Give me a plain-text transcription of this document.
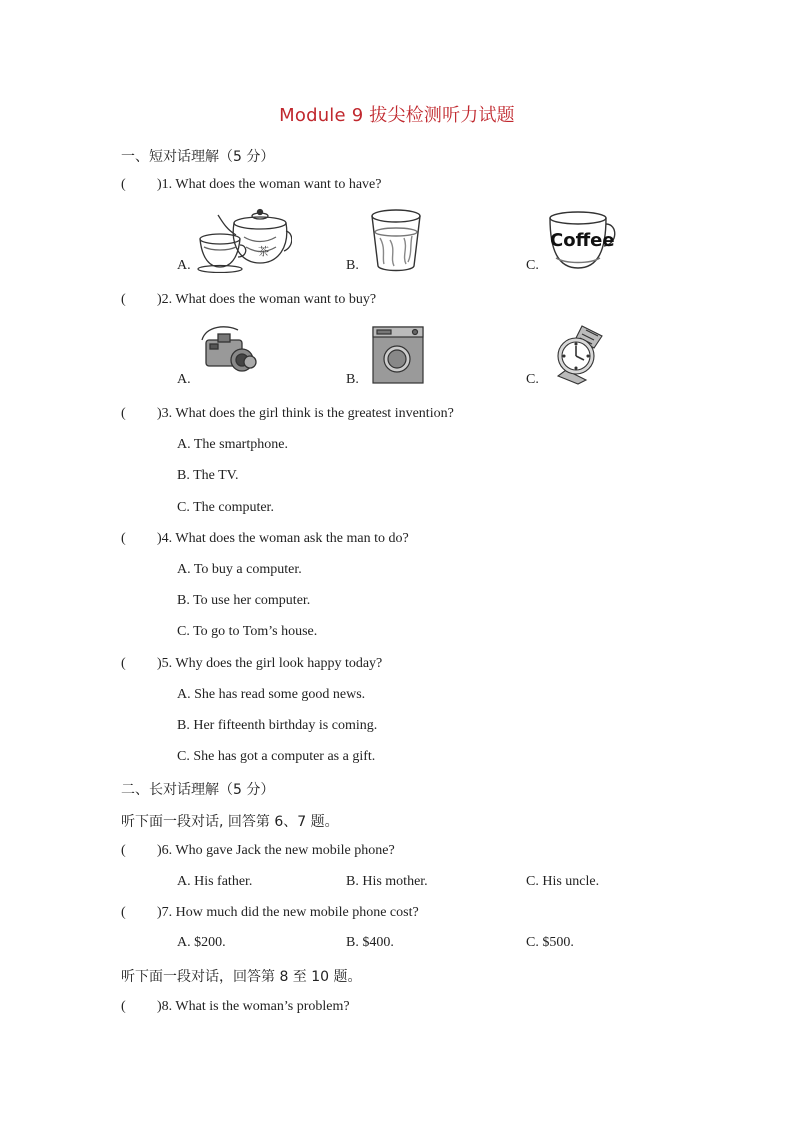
Module 9 拔尖检测听力试题
一、短对话理解（5 分）
( )1. What does the woman want to have?
A.	B.	C.
茶
Coffee
( )2. What does the woman want to buy?
A.	B.	C.
( )3. What does the girl think is the greatest invention?
A. The smartphone.
B. The TV.
C. The computer.
( )4. What does the woman ask the man to do?
A. To buy a computer.
B. To use her computer.
C. To go to Tom’s house.
( )5. Why does the girl look happy today?
A. She has read some good news.
B. Her fifteenth birthday is coming.
C. She has got a computer as a gift.
二、长对话理解（5 分）
听下面一段对话, 回答第 6、7 题。
( )6. Who gave Jack the new mobile phone?
A. His father.	B. His mother.	C. His uncle.
( )7. How much did the new mobile phone cost?
A. $200.	B. $400.	C. $500.
听下面一段对话，回答第 8 至 10 题。
( )8. What is the woman’s problem?
